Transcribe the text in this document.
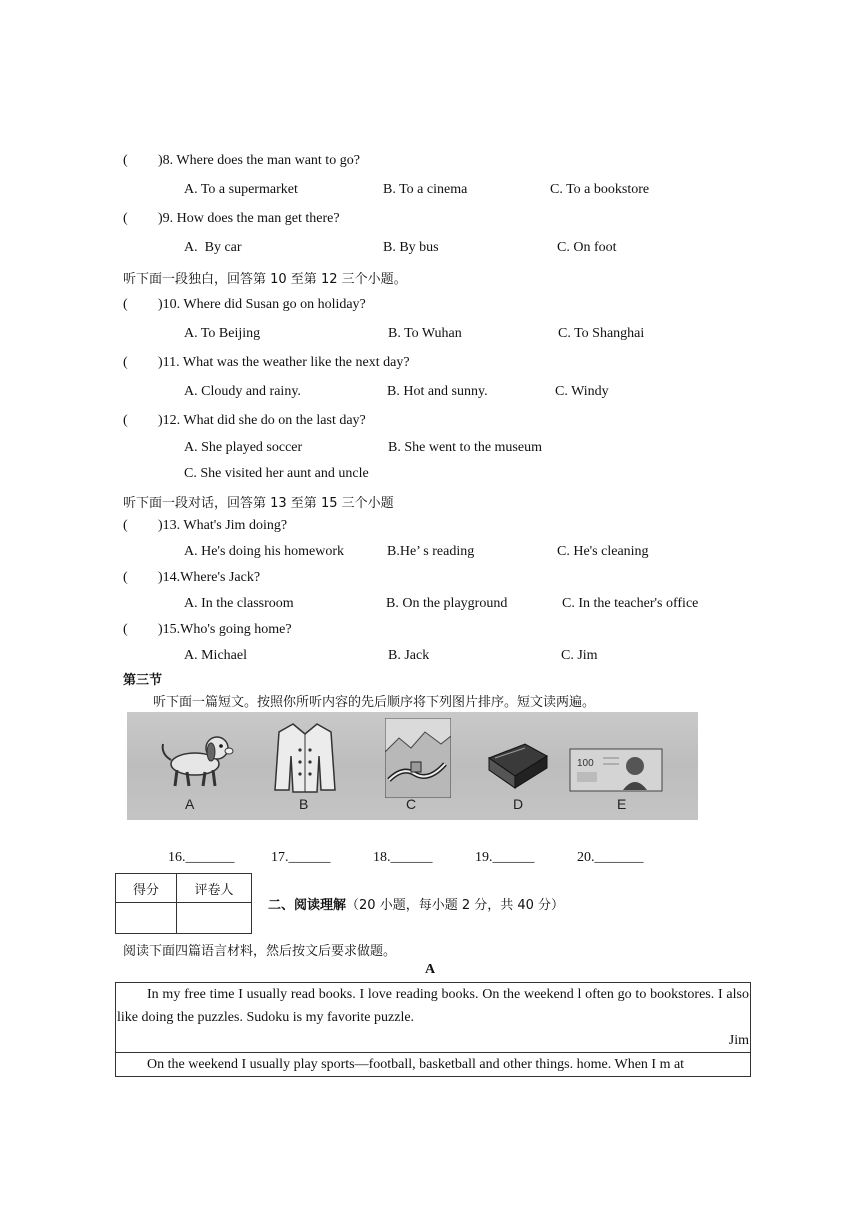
( )8. Where does the man want to go?
A. To a supermarket	B. To a cinema	C. To a bookstore
( )9. How does the man get there?
A.  By car	B. By bus	C. On foot
听下面一段独白，回答第 10 至第 12 三个小题。
( )10. Where did Susan go on holiday?
A. To Beijing	B. To Wuhan	C. To Shanghai
( )11. What was the weather like the next day?
A. Cloudy and rainy.	B. Hot and sunny.	C. Windy
( )12. What did she do on the last day?
A. She played soccer	B. She went to the museum
C. She visited her aunt and uncle
听下面一段对话，回答第 13 至第 15 三个小题
( )13. What's Jim doing?
A. He's doing his homework	B.He’ s reading	C. He's cleaning
( )14.Where's Jack?
A. In the classroom	B. On the playground	C. In the teacher's office
( )15.Who's going home?
A. Michael	B. Jack	C. Jim
第三节
听下面一篇短文。按照你所听内容的先后顺序将下列图片排序。短文读两遍。
100
A	B	C	D	E
16._______	17.______	18.______	19.______	20._______
得分	评卷人

二、阅读理解（20 小题，每小题 2 分，共 40 分）
阅读下面四篇语言材料，然后按文后要求做题。
A
In my free time I usually read books. I love reading books. On the weekend l often go to bookstores. I also like doing the puzzles. Sudoku is my favorite puzzle.
Jim
On the weekend I usually play sports—football, basketball and other things. home. When I m at
